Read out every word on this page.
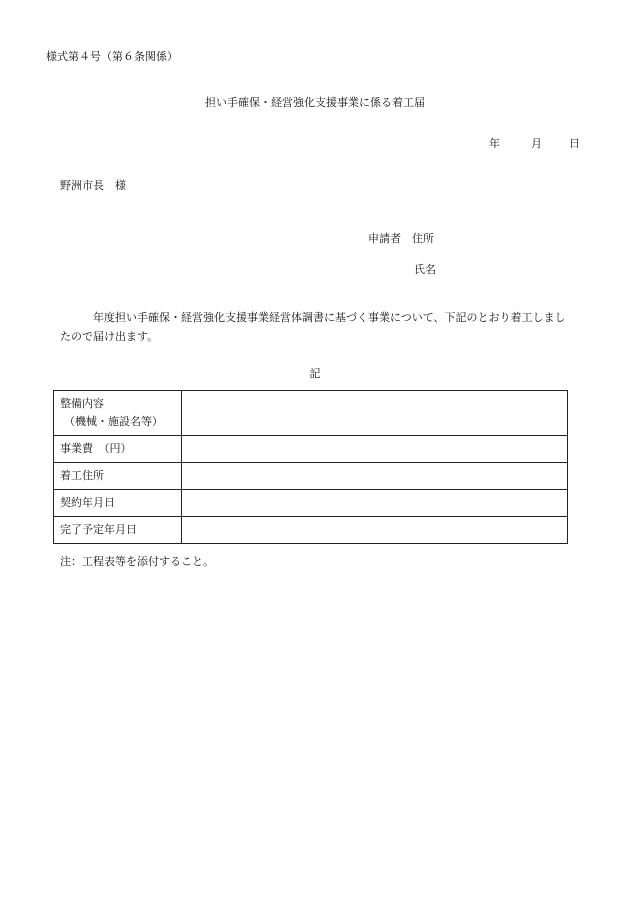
様式第４号（第６条関係）
担い手確保・経営強化支援事業に係る着工届
年	月 日
野洲市長　様
申請者　住所
氏名
年度担い手確保・経営強化支援事業経営体調書に基づく事業について、下記のとおり着工しましたので届け出ます。
記
整備内容
（機械・施設名等）	

事業費　（円）	
着工住所	
契約年月日	
完了予定年月日	
注：工程表等を添付すること。
